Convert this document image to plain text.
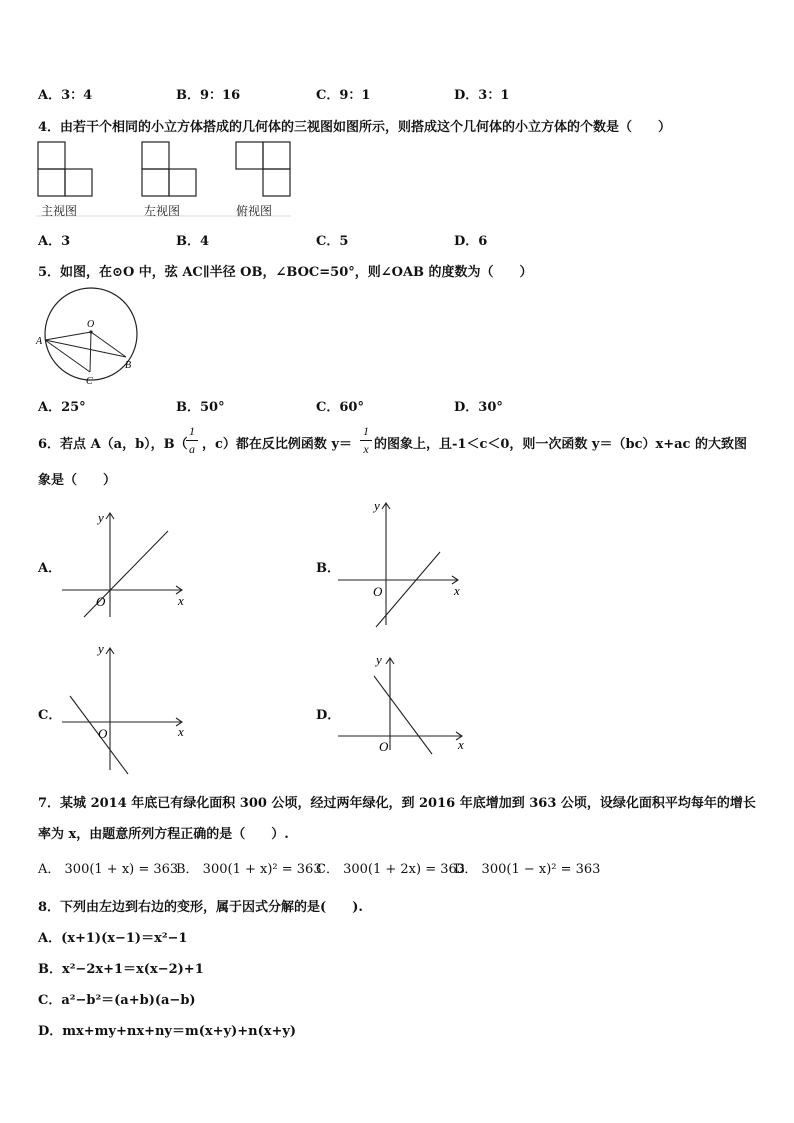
A．3：4	B．9：16	C．9：1	D．3：1
4．由若干个相同的小立方体搭成的几何体的三视图如图所示，则搭成这个几何体的小立方体的个数是（　　）
主视图	左视图	俯视图
A．3	B．4	C．5	D．6
5．如图，在⊙O 中，弦 AC∥半径 OB，∠BOC=50°，则∠OAB 的度数为（　　）
O
A
B
C
A．25°	B．50°	C．60°	D．30°
6．若点 A（a，b），B（
1
a ，c）都在反比例函数 y＝
1
x 的图象上，且-1＜c＜0，则一次函数 y＝（bc）x+ac 的大致图
象是（　　）
A．
x
y
O
B．
x
y
O
C．
x
y
O
D．
x
y
O
7．某城 2014 年底已有绿化面积 300 公顷，经过两年绿化，到 2016 年底增加到 363 公顷，设绿化面积平均每年的增长
率为 x，由题意所列方程正确的是（　　）.
A． 300(1 + x) = 363
B． 300(1 + x)² = 363
C． 300(1 + 2x) = 363
D． 300(1 − x)² = 363
8．下列由左边到右边的变形，属于因式分解的是(　　).
A．(x+1)(x−1)＝x²−1
B．x²−2x+1＝x(x−2)+1
C．a²−b²＝(a+b)(a−b)
D．mx+my+nx+ny＝m(x+y)+n(x+y)
